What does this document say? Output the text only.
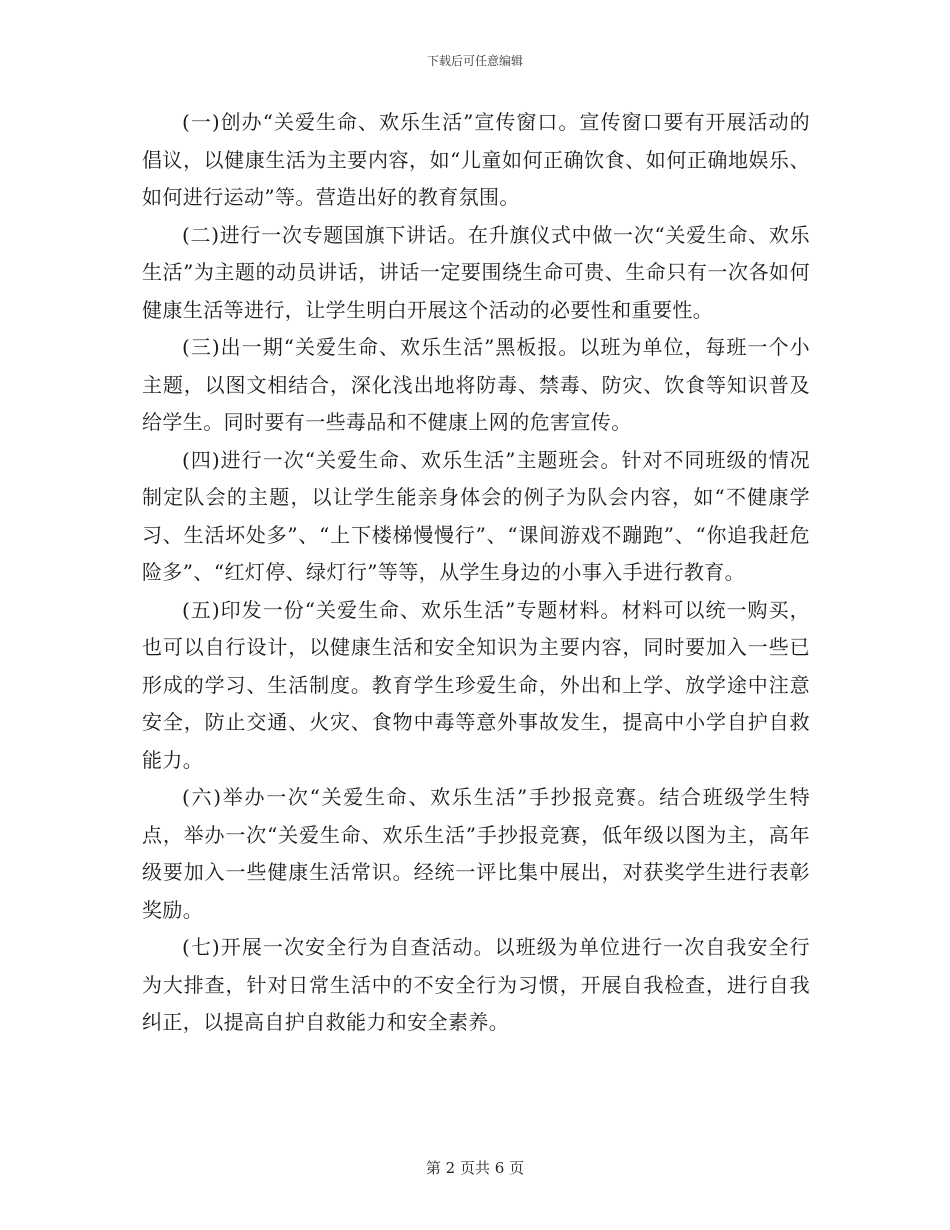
下载后可任意编辑

(一)创办“关爱生命、欢乐生活”宣传窗口。宣传窗口要有开展活动的倡议，以健康生活为主要内容，如“儿童如何正确饮食、如何正确地娱乐、如何进行运动”等。营造出好的教育氛围。

(二)进行一次专题国旗下讲话。在升旗仪式中做一次“关爱生命、欢乐生活”为主题的动员讲话，讲话一定要围绕生命可贵、生命只有一次各如何健康生活等进行，让学生明白开展这个活动的必要性和重要性。

(三)出一期“关爱生命、欢乐生活”黑板报。以班为单位，每班一个小主题，以图文相结合，深化浅出地将防毒、禁毒、防灾、饮食等知识普及给学生。同时要有一些毒品和不健康上网的危害宣传。

(四)进行一次“关爱生命、欢乐生活”主题班会。针对不同班级的情况制定队会的主题，以让学生能亲身体会的例子为队会内容，如“不健康学习、生活坏处多”、“上下楼梯慢慢行”、“课间游戏不蹦跑”、“你追我赶危险多”、“红灯停、绿灯行”等等，从学生身边的小事入手进行教育。

(五)印发一份“关爱生命、欢乐生活”专题材料。材料可以统一购买，也可以自行设计，以健康生活和安全知识为主要内容，同时要加入一些已形成的学习、生活制度。教育学生珍爱生命，外出和上学、放学途中注意安全，防止交通、火灾、食物中毒等意外事故发生，提高中小学自护自救能力。

(六)举办一次“关爱生命、欢乐生活”手抄报竞赛。结合班级学生特点，举办一次“关爱生命、欢乐生活”手抄报竞赛，低年级以图为主，高年级要加入一些健康生活常识。经统一评比集中展出，对获奖学生进行表彰奖励。

(七)开展一次安全行为自查活动。以班级为单位进行一次自我安全行为大排查，针对日常生活中的不安全行为习惯，开展自我检查，进行自我纠正，以提高自护自救能力和安全素养。

第 2 页共 6 页
